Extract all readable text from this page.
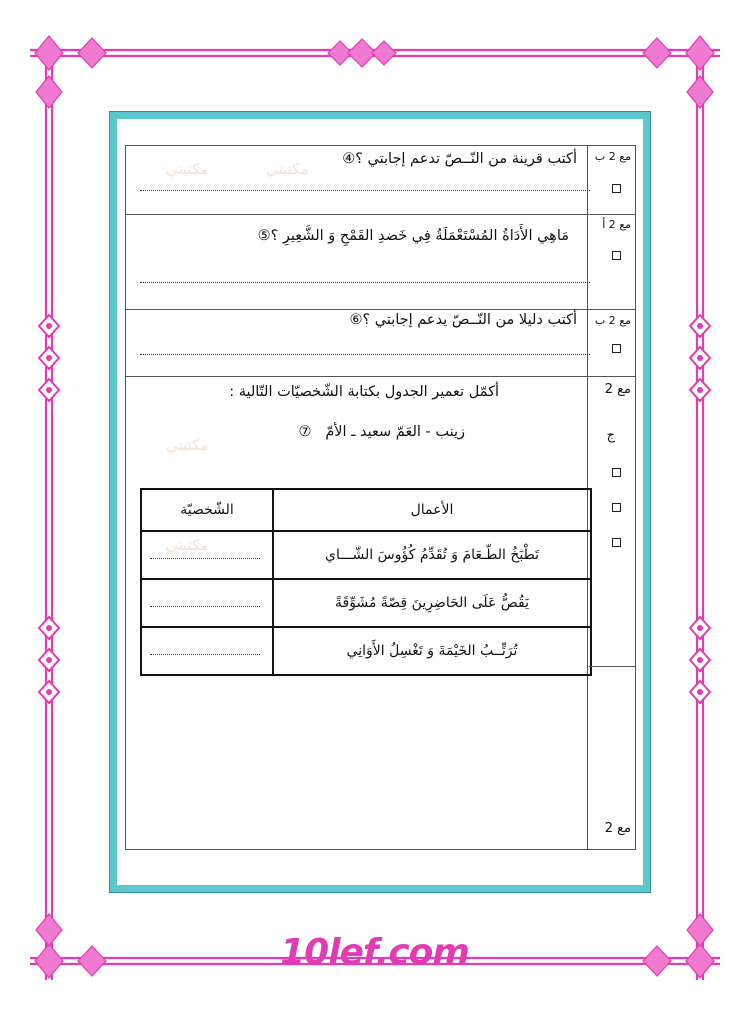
مكتبتي	مكتبتي
مكتبتي
مكتبتي
مع 2 ب
أكتب قرينة من النّــصّ تدعم إجابتي ؟④
مع 2 أ
مَاهِي الأَدَاةُ المُسْتَعْمَلَةُ فِي خَضدِ القَمْحِ وَ الشَّعِيرِ ؟⑤
مع 2 ب
أكتب دليلا من النّــصّ يدعم إجابتي ؟⑥
مع 2
ج
أكمّل تعمير الجدول بكتابة الشّخصيّات التّالية :
زينب - العَمّ سعيد ـ الأمّ   ⑦
الأعمال	الشّخصيّة
تَطْبَخُ الطّـعَامَ وَ تُقَدِّمُ كُؤُوسَ الشّـــاي	
يَقُصُّ عَلَى الحَاضِرِينَ قِصّةً مُشَوِّقَةً	
تُرَتِّــبُ الخَيْمَةَ وَ تَغْسِلُ الأَوَانِي	
مع 2
10lef.com
